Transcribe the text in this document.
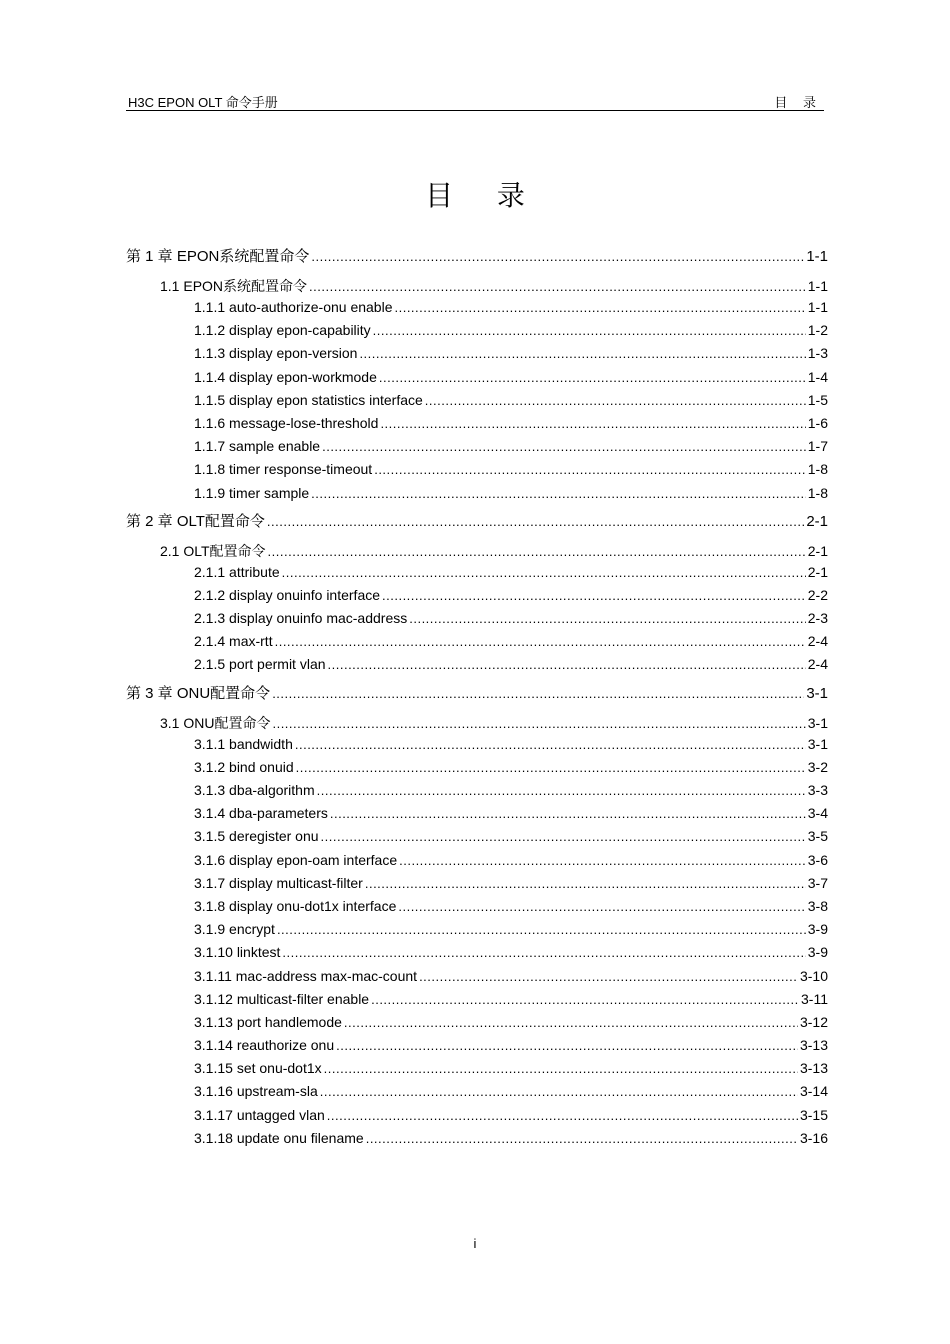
H3C EPON OLT 命令手册	目 录
目 录
第 1 章 EPON系统配置命令 .....	1-1
1.1 EPON系统配置命令 .....	1-1
1.1.1 auto-authorize-onu enable .....	1-1
1.1.2 display epon-capability .....	1-2
1.1.3 display epon-version .....	1-3
1.1.4 display epon-workmode .....	1-4
1.1.5 display epon statistics interface .....	1-5
1.1.6 message-lose-threshold .....	1-6
1.1.7 sample enable .....	1-7
1.1.8 timer response-timeout .....	1-8
1.1.9 timer sample .....	1-8
第 2 章 OLT配置命令 .....	2-1
2.1 OLT配置命令 .....	2-1
2.1.1 attribute .....	2-1
2.1.2 display onuinfo interface .....	2-2
2.1.3 display onuinfo mac-address .....	2-3
2.1.4 max-rtt .....	2-4
2.1.5 port permit vlan .....	2-4
第 3 章 ONU配置命令 .....	3-1
3.1 ONU配置命令 .....	3-1
3.1.1 bandwidth .....	3-1
3.1.2 bind onuid .....	3-2
3.1.3 dba-algorithm .....	3-3
3.1.4 dba-parameters .....	3-4
3.1.5 deregister onu .....	3-5
3.1.6 display epon-oam interface .....	3-6
3.1.7 display multicast-filter .....	3-7
3.1.8 display onu-dot1x interface .....	3-8
3.1.9 encrypt .....	3-9
3.1.10 linktest .....	3-9
3.1.11 mac-address max-mac-count .....	3-10
3.1.12 multicast-filter enable .....	3-11
3.1.13 port handlemode .....	3-12
3.1.14 reauthorize onu .....	3-13
3.1.15 set onu-dot1x .....	3-13
3.1.16 upstream-sla .....	3-14
3.1.17 untagged vlan .....	3-15
3.1.18 update onu filename .....	3-16
i
